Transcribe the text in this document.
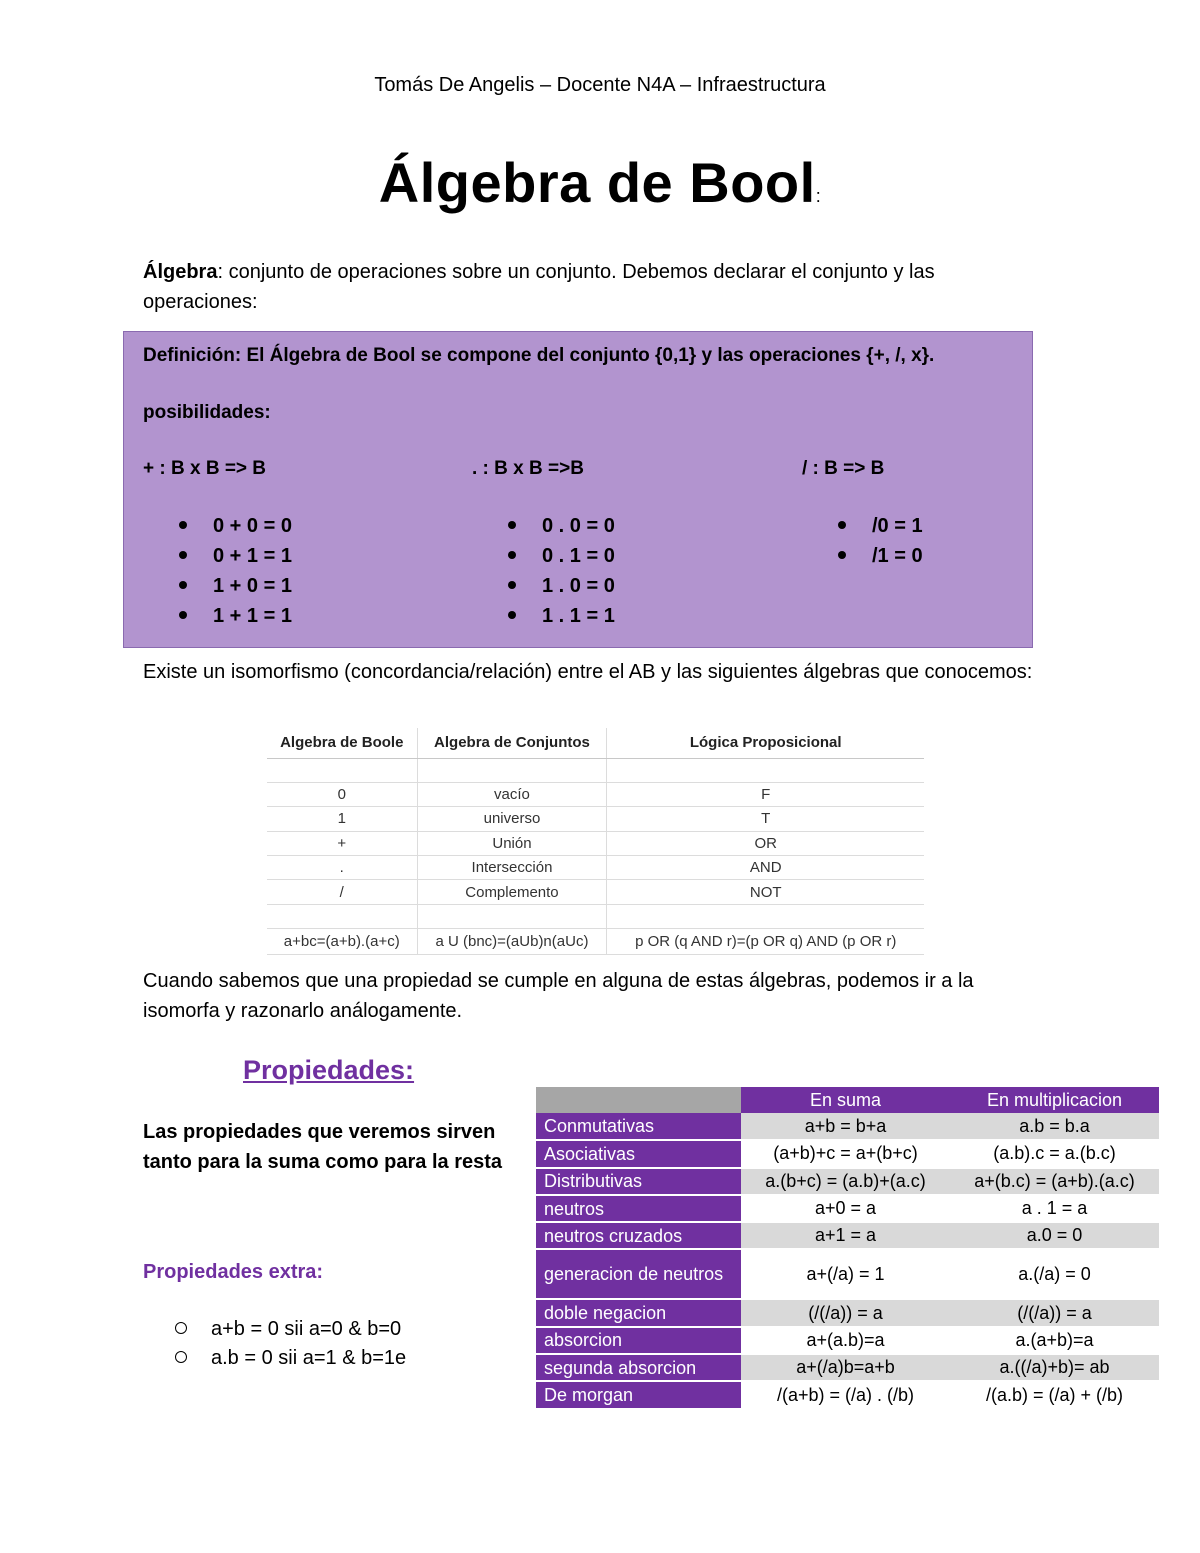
Tomás De Angelis – Docente N4A – Infraestructura
Álgebra de Bool:
Álgebra: conjunto de operaciones sobre un conjunto. Debemos declarar el conjunto y las operaciones:
Definición: El Álgebra de Bool se compone del conjunto {0,1} y las operaciones {+, /, x}.
posibilidades:
+ : B x B => B	. : B x B =>B	/ : B => B
0 + 0 = 0
0 + 1 = 1
1 + 0 = 1
1 + 1 = 1
0 . 0 = 0
0 . 1 = 0
1 . 0 = 0
1 . 1 = 1
/0 = 1
/1 = 0
Existe un isomorfismo (concordancia/relación) entre el AB y las siguientes álgebras que conocemos:
Algebra de Boole	Algebra de Conjuntos	Lógica Proposicional

0	vacío	F
1	universo	T
+	Unión	OR
.	Intersección	AND
/	Complemento	NOT

a+bc=(a+b).(a+c)	a U (bnc)=(aUb)n(aUc)	p OR (q AND r)=(p OR q) AND (p OR r)
Cuando sabemos que una propiedad se cumple en alguna de estas álgebras, podemos ir a la isomorfa y razonarlo análogamente.
Propiedades:
Las propiedades que veremos sirven tanto para la suma como para la resta
Propiedades extra:
a+b = 0 sii a=0 & b=0
a.b = 0 sii a=1 & b=1e
	En suma	En multiplicacion
Conmutativas	a+b = b+a	a.b = b.a
Asociativas	(a+b)+c = a+(b+c)	(a.b).c = a.(b.c)
Distributivas	a.(b+c) = (a.b)+(a.c)	a+(b.c) = (a+b).(a.c)
neutros	a+0 = a	a . 1 = a
neutros cruzados	a+1 = a	a.0 = 0
generacion de neutros	a+(/a) = 1	a.(/a) = 0
doble negacion	(/(/a)) = a	(/(/a)) = a
absorcion	a+(a.b)=a	a.(a+b)=a
segunda absorcion	a+(/a)b=a+b	a.((/a)+b)= ab
De morgan	/(a+b) = (/a) . (/b)	/(a.b) = (/a) + (/b)
